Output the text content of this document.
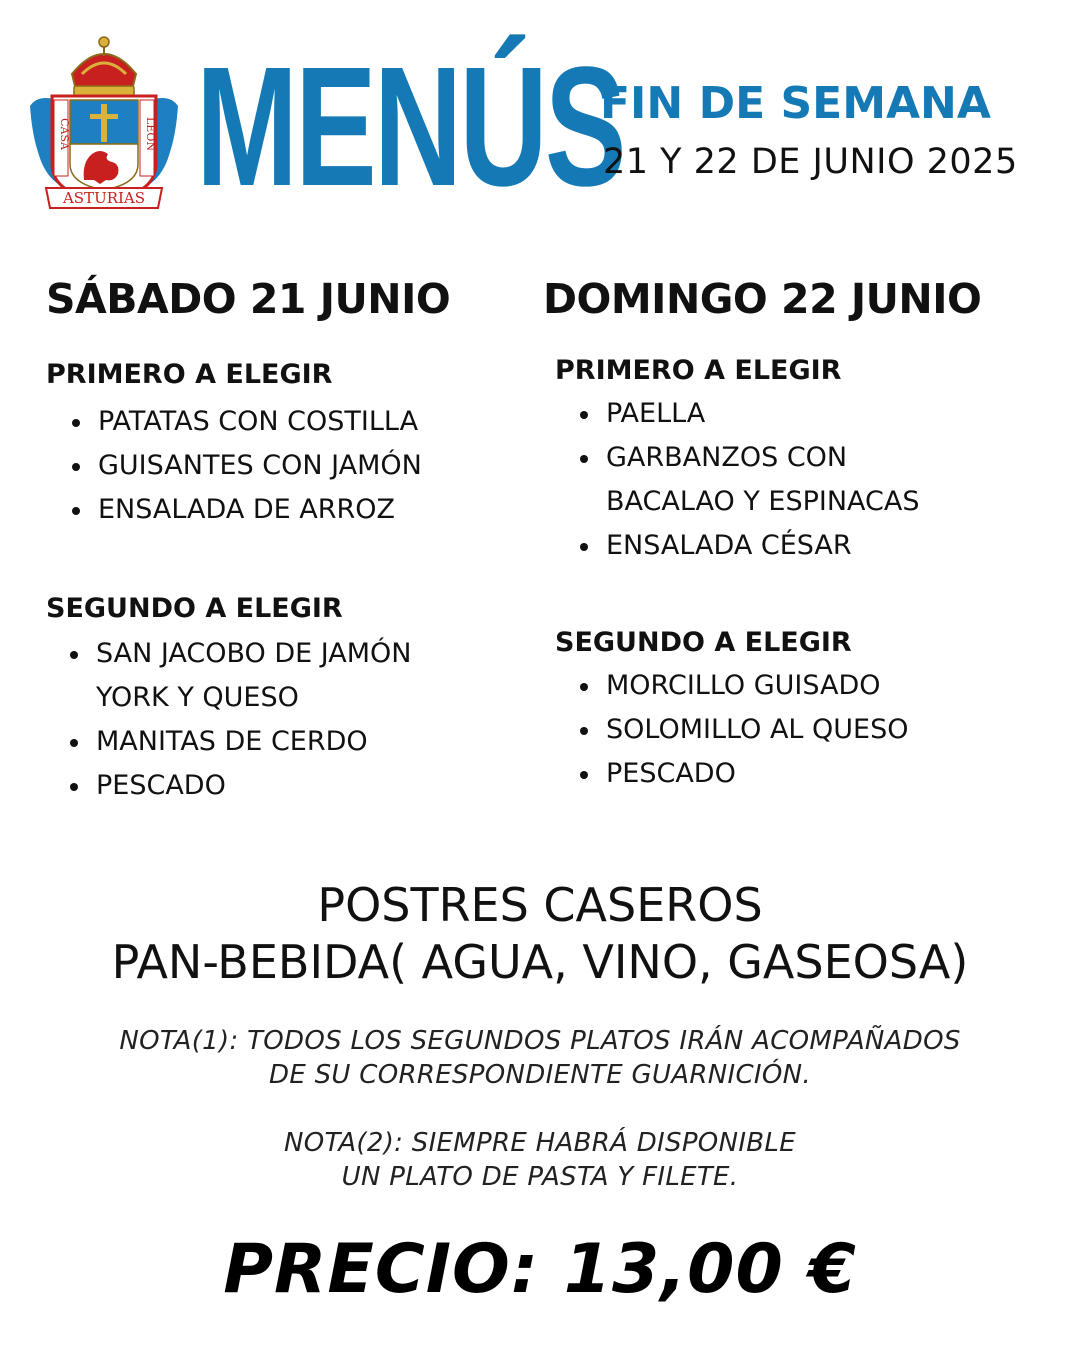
CASA	LEÓN
ASTURIAS MENÚS
FIN DE SEMANA
21 Y 22 DE JUNIO 2025
SÁBADO 21 JUNIO
PRIMERO A ELEGIR
PATATAS CON COSTILLA
GUISANTES CON JAMÓN
ENSALADA DE ARROZ
SEGUNDO A ELEGIR
SAN JACOBO DE JAMÓN
YORK Y QUESO
MANITAS DE CERDO
PESCADO
DOMINGO 22 JUNIO
PRIMERO A ELEGIR
PAELLA
GARBANZOS CON
BACALAO Y ESPINACAS
ENSALADA CÉSAR
SEGUNDO A ELEGIR
MORCILLO GUISADO
SOLOMILLO AL QUESO
PESCADO
POSTRES CASEROS
PAN-BEBIDA( AGUA, VINO, GASEOSA)
NOTA(1): TODOS LOS SEGUNDOS PLATOS IRÁN ACOMPAÑADOS
DE SU CORRESPONDIENTE GUARNICIÓN.
NOTA(2): SIEMPRE HABRÁ DISPONIBLE
UN PLATO DE PASTA Y FILETE.
PRECIO: 13,00 €
